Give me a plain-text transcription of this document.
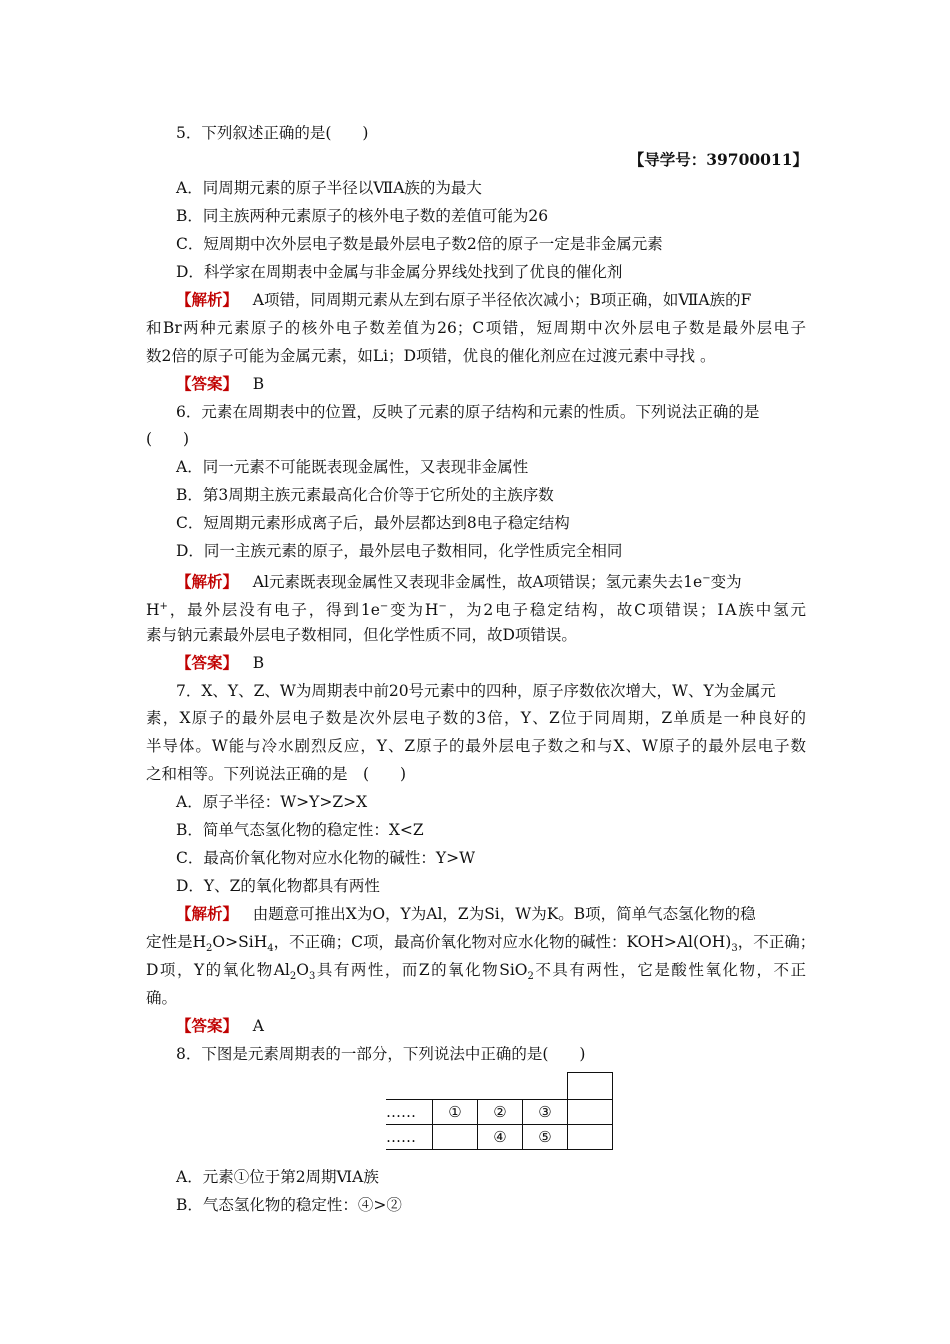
5．下列叙述正确的是(　　)
【导学号：39700011】
A．同周期元素的原子半径以ⅦA族的为最大
B．同主族两种元素原子的核外电子数的差值可能为26
C．短周期中次外层电子数是最外层电子数2倍的原子一定是非金属元素
D．科学家在周期表中金属与非金属分界线处找到了优良的催化剂
【解析】 A项错，同周期元素从左到右原子半径依次减小；B项正确，如ⅦA族的F
和Br两种元素原子的核外电子数差值为26；C项错，短周期中次外层电子数是最外层电子
数2倍的原子可能为金属元素，如Li；D项错，优良的催化剂应在过渡元素中寻找 。
【答案】 B
6．元素在周期表中的位置，反映了元素的原子结构和元素的性质。下列说法正确的是
(　　)
A．同一元素不可能既表现金属性，又表现非金属性
B．第3周期主族元素最高化合价等于它所处的主族序数
C．短周期元素形成离子后，最外层都达到8电子稳定结构
D．同一主族元素的原子，最外层电子数相同，化学性质完全相同
【解析】 Al元素既表现金属性又表现非金属性，故A项错误；氢元素失去1e−变为
H+，最外层没有电子，得到1e−变为H−，为2电子稳定结构，故C项错误；ⅠA族中氢元
素与钠元素最外层电子数相同，但化学性质不同，故D项错误。
【答案】 B
7．X、Y、Z、W为周期表中前20号元素中的四种，原子序数依次增大，W、Y为金属元
素，X原子的最外层电子数是次外层电子数的3倍，Y、Z位于同周期，Z单质是一种良好的
半导体。W能与冷水剧烈反应，Y、Z原子的最外层电子数之和与X、W原子的最外层电子数
之和相等。下列说法正确的是　(　　)
A．原子半径：W>Y>Z>X
B．简单气态氢化物的稳定性：X<Z
C．最高价氧化物对应水化物的碱性：Y>W
D．Y、Z的氧化物都具有两性
【解析】 由题意可推出X为O，Y为Al，Z为Si，W为K。B项，简单气态氢化物的稳
定性是$H_2O>SiH_4$，不正确；C项，最高价氧化物对应水化物的碱性：$KOH>Al(OH)_3$，不正确；
D项，Y的氧化物$Al_2O_3$具有两性，而Z的氧化物SiO$_2$不具有两性，它是酸性氧化物，不正
确。
【答案】 A
8．下图是元素周期表的一部分，下列说法中正确的是(　　)

……	①	②	③	
……		④	⑤	
A．元素①位于第2周期ⅥA族
B．气态氢化物的稳定性：④>②
